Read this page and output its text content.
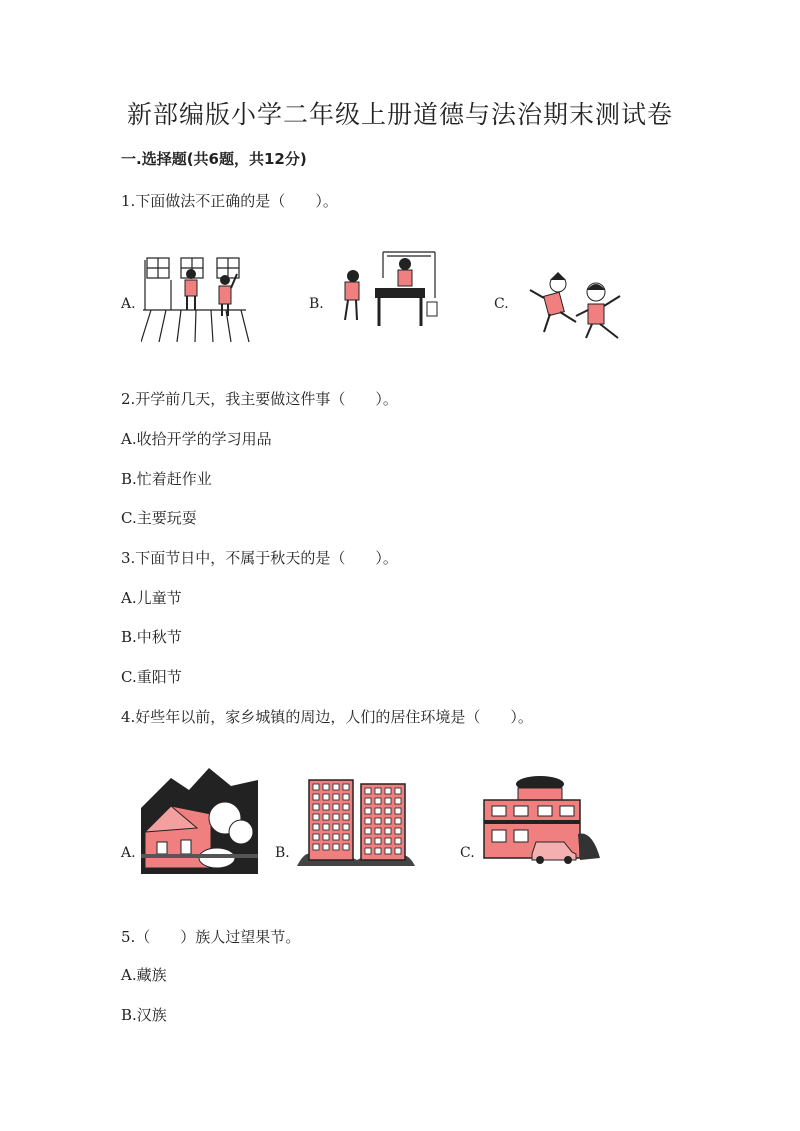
新部编版小学二年级上册道德与法治期末测试卷
一.选择题(共6题，共12分)
1.下面做法不正确的是（　　）。
A.	B.	C.
2.开学前几天，我主要做这件事（　　）。
A.收拾开学的学习用品
B.忙着赶作业
C.主要玩耍
3.下面节日中，不属于秋天的是（　　）。
A.儿童节
B.中秋节
C.重阳节
4.好些年以前，家乡城镇的周边，人们的居住环境是（　　）。
A.	B.	C.
5.（　　）族人过望果节。
A.藏族
B.汉族
